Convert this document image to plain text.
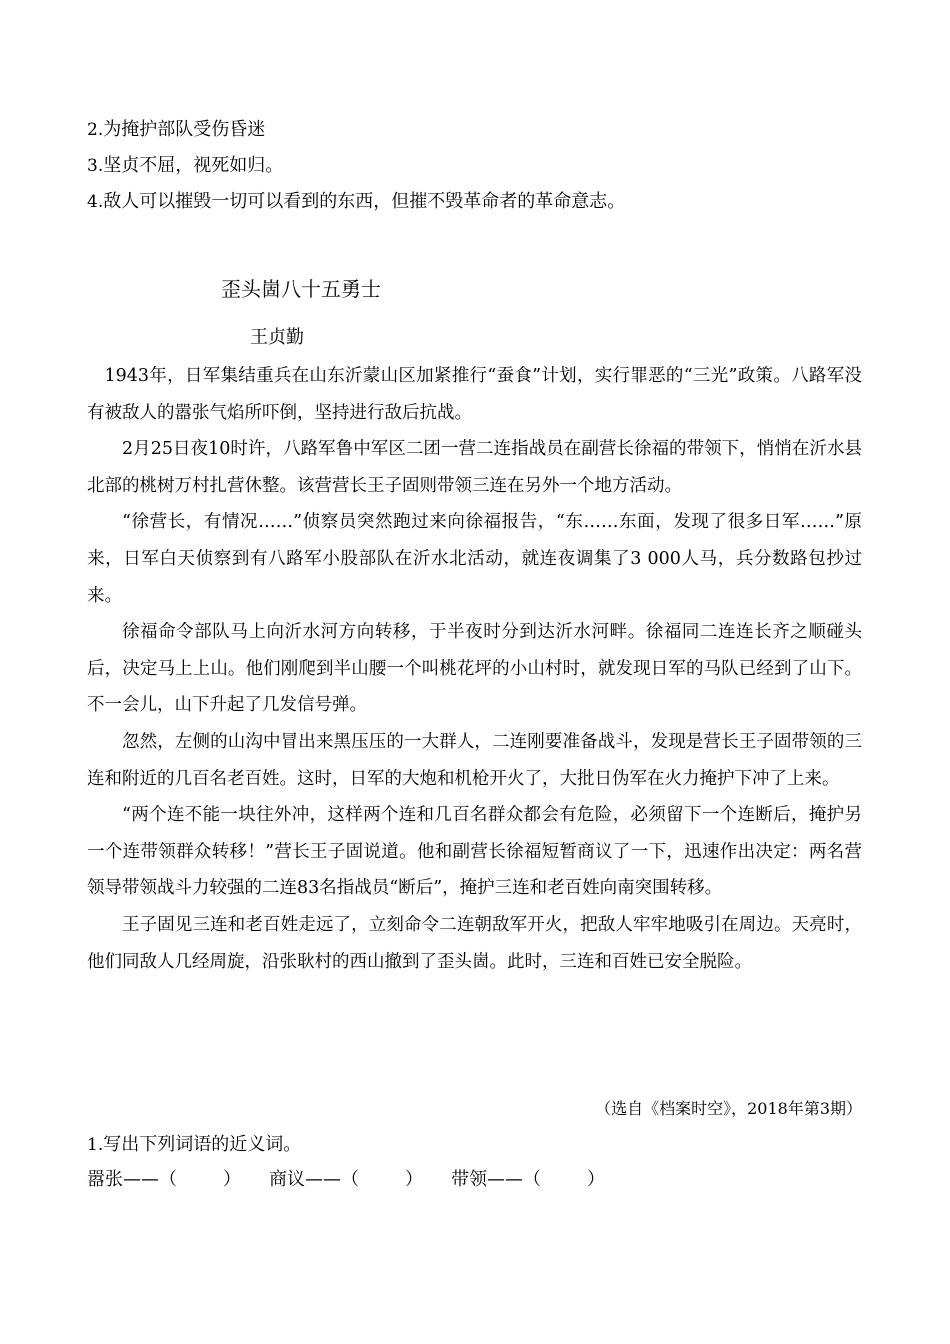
2.为掩护部队受伤昏迷
3.坚贞不屈，视死如归。
4.敌人可以摧毁一切可以看到的东西，但摧不毁革命者的革命意志。
歪头崮八十五勇士
王贞勤

1943年，日军集结重兵在山东沂蒙山区加紧推行“蚕食”计划，实行罪恶的“三光”政策。八路军没有被敌人的嚣张气焰所吓倒，坚持进行敌后抗战。

2月25日夜10时许，八路军鲁中军区二团一营二连指战员在副营长徐福的带领下，悄悄在沂水县北部的桃树万村扎营休整。该营营长王子固则带领三连在另外一个地方活动。

“徐营长，有情况……”侦察员突然跑过来向徐福报告，“东……东面，发现了很多日军……”原来，日军白天侦察到有八路军小股部队在沂水北活动，就连夜调集了3 000人马，兵分数路包抄过来。

徐福命令部队马上向沂水河方向转移，于半夜时分到达沂水河畔。徐福同二连连长齐之顺碰头后，决定马上上山。他们刚爬到半山腰一个叫桃花坪的小山村时，就发现日军的马队已经到了山下。不一会儿，山下升起了几发信号弹。

忽然，左侧的山沟中冒出来黑压压的一大群人，二连刚要准备战斗，发现是营长王子固带领的三连和附近的几百名老百姓。这时，日军的大炮和机枪开火了，大批日伪军在火力掩护下冲了上来。

“两个连不能一块往外冲，这样两个连和几百名群众都会有危险，必须留下一个连断后，掩护另一个连带领群众转移！”营长王子固说道。他和副营长徐福短暂商议了一下，迅速作出决定：两名营领导带领战斗力较强的二连83名指战员“断后”，掩护三连和老百姓向南突围转移。

王子固见三连和老百姓走远了，立刻命令二连朝敌军开火，把敌人牢牢地吸引在周边。天亮时，他们同敌人几经周旋，沿张耿村的西山撤到了歪头崮。此时，三连和百姓已安全脱险。

（选自《档案时空》，2018年第3期）
1.写出下列词语的近义词。
嚣张——（	） 商议——（	） 带领——（	）
